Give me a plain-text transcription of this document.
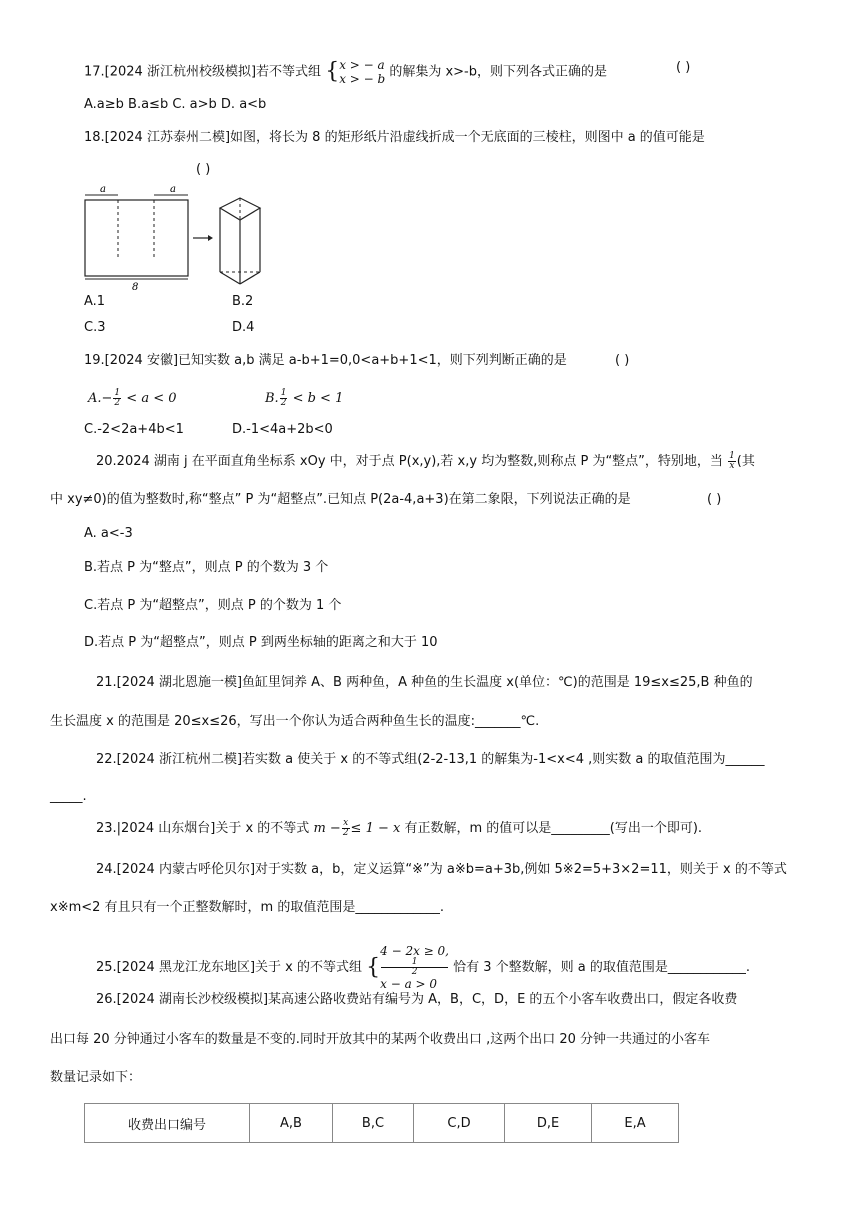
17.[2024 浙江杭州校级模拟]若不等式组 { x > − a
x > − b 的解集为 x>-b，则下列各式正确的是	( )
A.a≥b B.a≤b C. a>b D. a<b
18.[2024 江苏泰州二模]如图，将长为 8 的矩形纸片沿虚线折成一个无底面的三棱柱，则图中 a 的值可能是
( )
a	a
8
A.1	B.2
C.3	D.4
19.[2024 安徽]已知实数 a,b 满足 a-b+1=0,0<a+b+1<1，则下列判断正确的是	( )
$A.- \frac{1}{2} < a < 0$	B. $\frac{1}{2} < b < 1$
C.-2<2a+4b<1	D.-1<4a+2b<0
20.2024 湖南 j 在平面直角坐标系 xOy 中，对于点 P(x,y),若 x,y 均为整数,则称点 P 为“整点”，特别地，当 $\frac{1}{x}$ (其
中 xy≠0)的值为整数时,称“整点” P 为“超整点”.已知点 P(2a-4,a+3)在第二象限，下列说法正确的是	( )
A. a<-3
B.若点 P 为“整点”，则点 P 的个数为 3 个
C.若点 P 为“超整点”，则点 P 的个数为 1 个
D.若点 P 为“超整点”，则点 P 到两坐标轴的距离之和大于 10
21.[2024 湖北恩施一模]鱼缸里饲养 A、B 两种鱼，A 种鱼的生长温度 x(单位：℃)的范围是 19≤x≤25,B 种鱼的
生长温度 x 的范围是 20≤x≤26，写出一个你认为适合两种鱼生长的温度:_______℃.
22.[2024 浙江杭州二模]若实数 a 使关于 x 的不等式组(2-2-13,1 的解集为-1<x<4 ,则实数 a 的取值范围为______
_____.
23.|2024 山东烟台]关于 x 的不等式 $m - \frac{x}{2} \le 1 - x$ 有正数解，m 的值可以是_________(写出一个即可).
24.[2024 内蒙古呼伦贝尔]对于实数 a，b，定义运算“※”为 a※b=a+3b,例如 5※2=5+3×2=11，则关于 x 的不等式
x※m<2 有且只有一个正整数解时，m 的取值范围是_____________.
25.[2024 黑龙江龙东地区]关于 x 的不等式组 {
4 − 2x ≥ 0,
1
2
x − a > 0
恰有 3 个整数解，则 a 的取值范围是____________.
26.[2024 湖南长沙校级模拟]某高速公路收费站有编号为 A，B，C，D，E 的五个小客车收费出口，假定各收费
出口每 20 分钟通过小客车的数量是不变的.同时开放其中的某两个收费出口 ,这两个出口 20 分钟一共通过的小客车
数量记录如下：
收费出口编号	A,B	B,C	C,D	D,E	E,A
